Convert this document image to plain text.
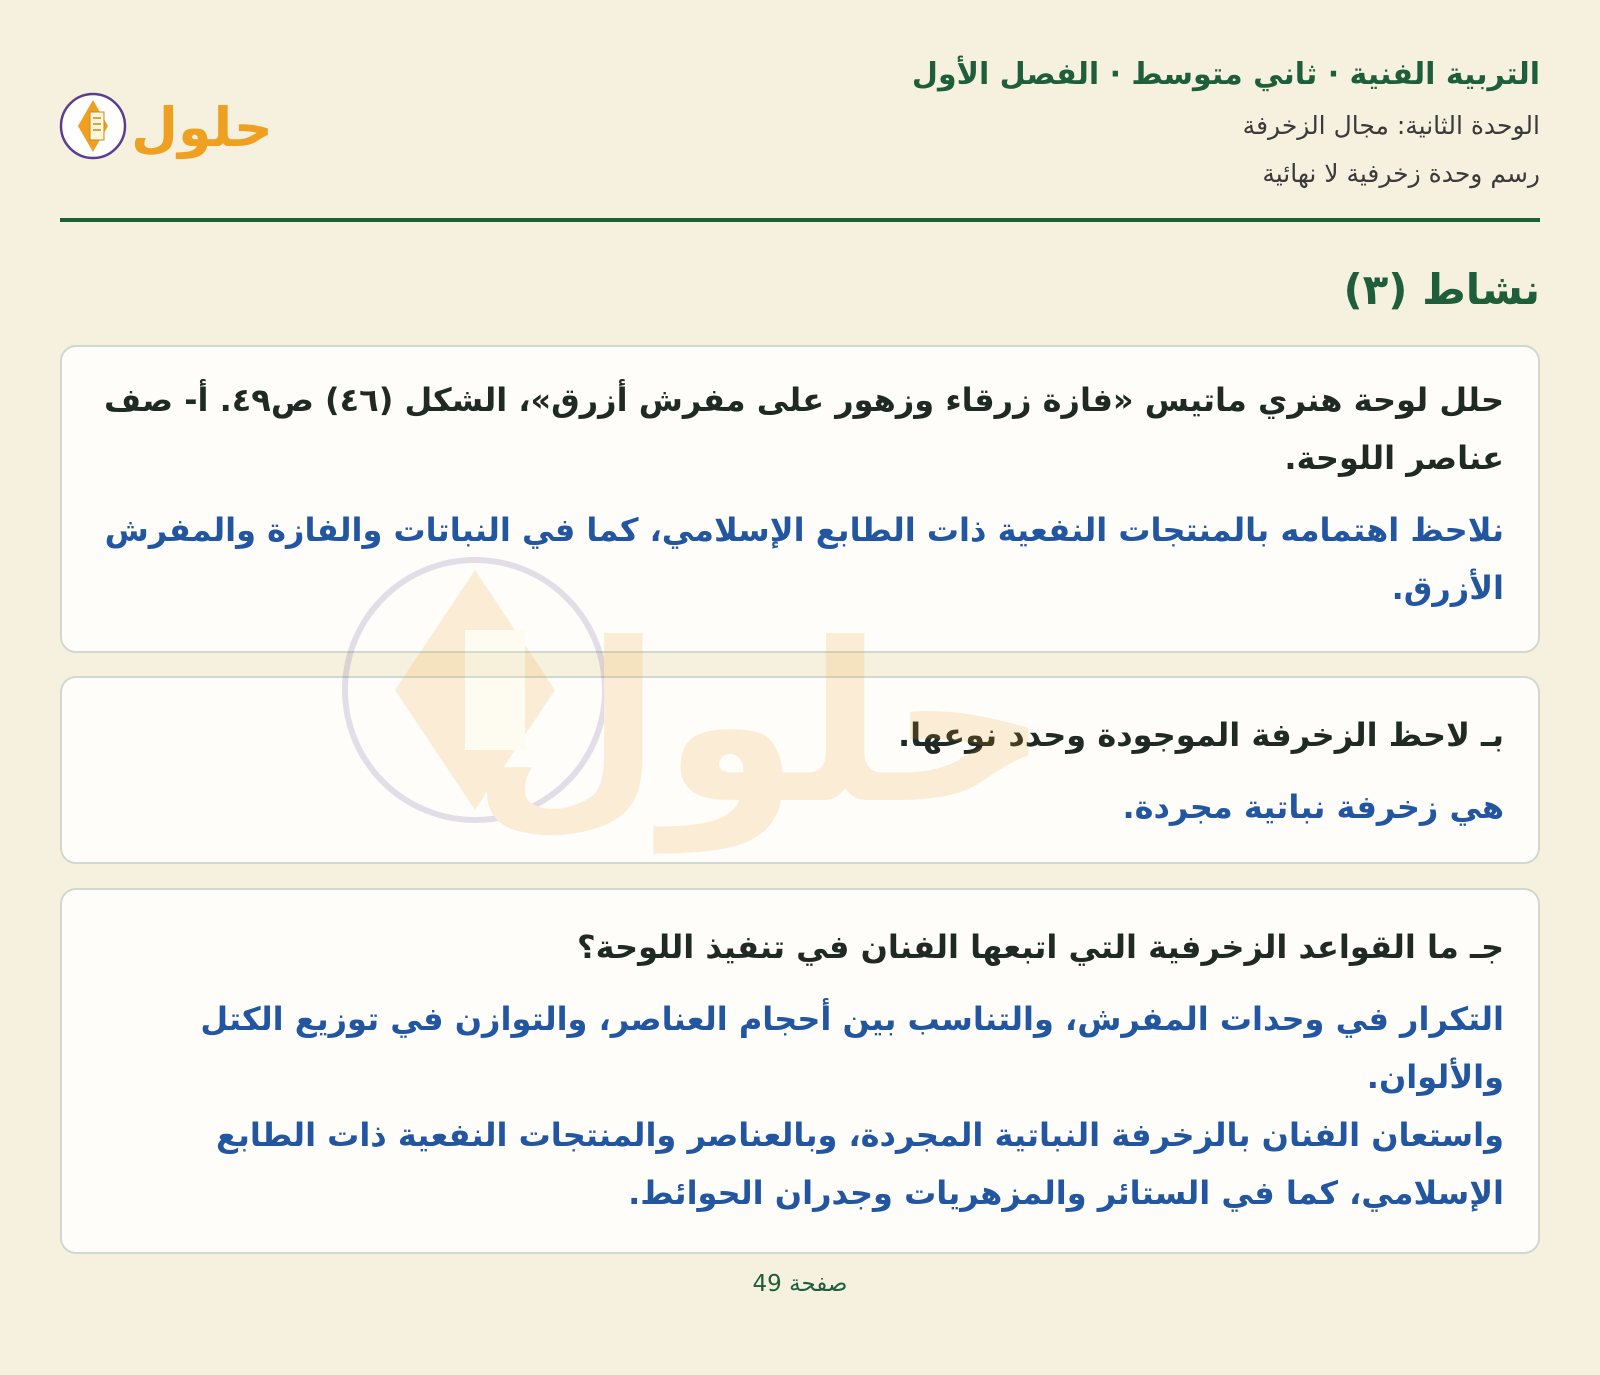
التربية الفنية · ثاني متوسط · الفصل الأول
الوحدة الثانية: مجال الزخرفة
رسم وحدة زخرفية لا نهائية
حلول
نشاط (٣)

حلل لوحة هنري ماتيس «فازة زرقاء وزهور على مفرش أزرق»، الشكل (٤٦) ص٤٩. أ- صف عناصر اللوحة.

نلاحظ اهتمامه بالمنتجات النفعية ذات الطابع الإسلامي، كما في النباتات والفازة والمفرش الأزرق.

بـ لاحظ الزخرفة الموجودة وحدد نوعها.

هي زخرفة نباتية مجردة.

جـ ما القواعد الزخرفية التي اتبعها الفنان في تنفيذ اللوحة؟

التكرار في وحدات المفرش، والتناسب بين أحجام العناصر، والتوازن في توزيع الكتل والألوان.

واستعان الفنان بالزخرفة النباتية المجردة، وبالعناصر والمنتجات النفعية ذات الطابع الإسلامي، كما في الستائر والمزهريات وجدران الحوائط.

صفحة 49
